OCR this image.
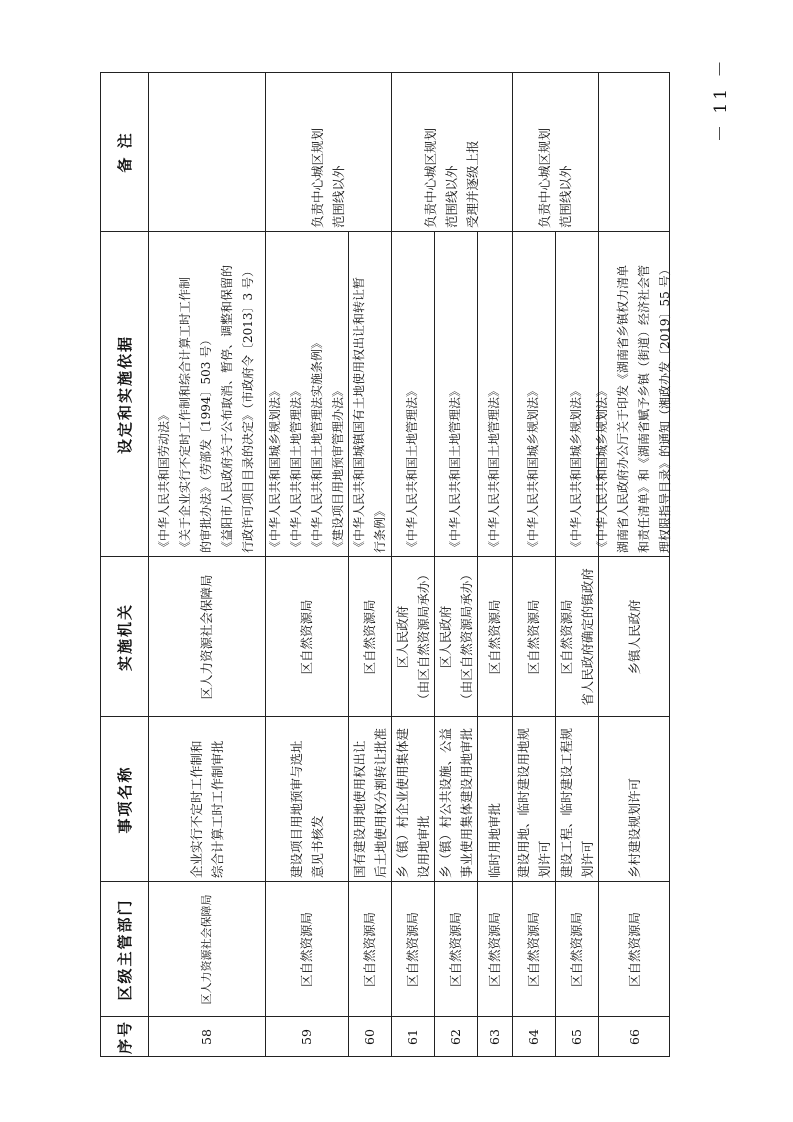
序号
区级主管部门
事项名称
实施机关
设定和实施依据
备 注
58
区人力资源社会保障局
企业实行不定时工作制和 综合计算工时工作制审批
区人力资源社会保障局
《中华人民共和国劳动法》 《关于企业实行不定时工作制和综合计算工时工作制 的审批办法》（劳部发〔1994〕503 号） 《益阳市人民政府关于公布取消、暂停、调整和保留的 行政许可项目目录的决定》（市政府令〔2013〕3 号）
59
区自然资源局
建设项目用地预审与选址 意见书核发
区自然资源局
《中华人民共和国城乡规划法》 《中华人民共和国土地管理法》 《中华人民共和国土地管理法实施条例》 《建设项目用地预审管理办法》
60
区自然资源局
国有建设用地使用权出让 后土地使用权分割转让批准
区自然资源局
《中华人民共和国城镇国有土地使用权出让和转让暂 行条例》
61
区自然资源局
乡（镇）村企业使用集体建 设用地审批
区人民政府 （由区自然资源局承办）
《中华人民共和国土地管理法》
62
区自然资源局
乡（镇）村公共设施、公益 事业使用集体建设用地审批
区人民政府 （由区自然资源局承办）
《中华人民共和国土地管理法》
63
区自然资源局
临时用地审批
区自然资源局
《中华人民共和国土地管理法》
64
区自然资源局
建设用地、临时建设用地规 划许可
区自然资源局
《中华人民共和国城乡规划法》
65
区自然资源局
建设工程、临时建设工程规 划许可
区自然资源局 省人民政府确定的镇政府
《中华人民共和国城乡规划法》
66
区自然资源局
乡村建设规划许可
乡镇人民政府
《中华人民共和国城乡规划法》 湖南省人民政府办公厅关于印发《湖南省乡镇权力清单 和责任清单》和《湖南省赋予乡镇（街道）经济社会管 理权限指导目录》的通知（湘政办发〔2019〕55 号）
负责中心城区规划 范围线以外	负责中心城区规划 范围线以外 受理并逐级上报	负责中心城区规划 范围线以外
－ 11 －
